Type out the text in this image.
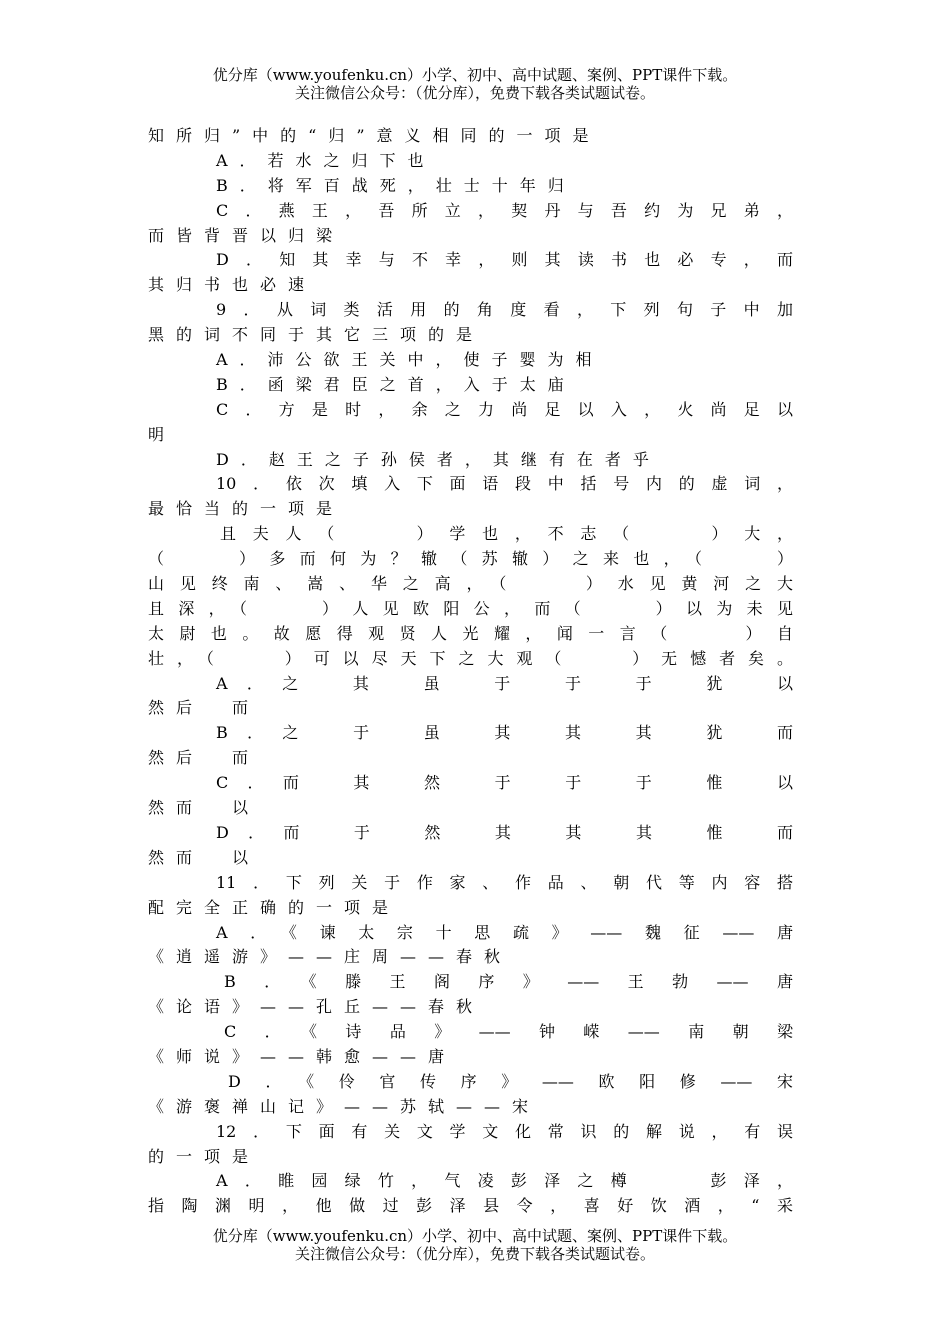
优分库（www.youfenku.cn）小学、初中、高中试题、案例、PPT课件下载。
关注微信公众号：（优分库），免费下载各类试题试卷。
知所归”中的“归”意义相同的一项是
A．若水之归下也
B．将军百战死，壮士十年归
C．燕王，吾所立，契丹与吾约为兄弟，
而皆背晋以归梁
D．知其幸与不幸，则其读书也必专，而
其归书也必速
9．从词类活用的角度看，下列句子中加
黑的词不同于其它三项的是
A．沛公欲王关中，使子婴为相
B．函梁君臣之首，入于太庙
C．方是时，余之力尚足以入，火尚足以
明
D．赵王之子孙侯者，其继有在者乎
10．依次填入下面语段中括号内的虚词，
最恰当的一项是
且夫人（　　）学也，不志（　　）大，
（　　）多而何为？辙（苏辙）之来也，（　　）
山见终南、嵩、华之高，（　　）水见黄河之大
且深，（　　）人见欧阳公，而（　　）以为未见
太尉也。故愿得观贤人光耀，闻一言（　　）自
壮，（　　）可以尽天下之大观（　　）无憾者矣。
A．之　其　虽　于　于　于　犹　以
然后　而
B．之　于　虽　其　其　其　犹　而
然后　而
C．而　其　然　于　于　于　惟　以
然而　以
D．而　于　然　其　其　其　惟　而
然而　以
11．下列关于作家、作品、朝代等内容搭
配完全正确的一项是
A．《谏太宗十思疏》——魏征——唐
《逍遥游》——庄周——春秋
B．《滕王阁序》——王勃——唐
《论语》——孔丘——春秋
C．《诗品》——钟嵘——南朝梁
《师说》——韩愈——唐
D．《伶官传序》——欧阳修——宋
《游褒禅山记》——苏轼——宋
12．下面有关文学文化常识的解说，有误
的一项是
A．睢园绿竹，气凌彭泽之樽　　彭泽，
指陶渊明，他做过彭泽县令，喜好饮酒，“采
优分库（www.youfenku.cn）小学、初中、高中试题、案例、PPT课件下载。
关注微信公众号：（优分库），免费下载各类试题试卷。
